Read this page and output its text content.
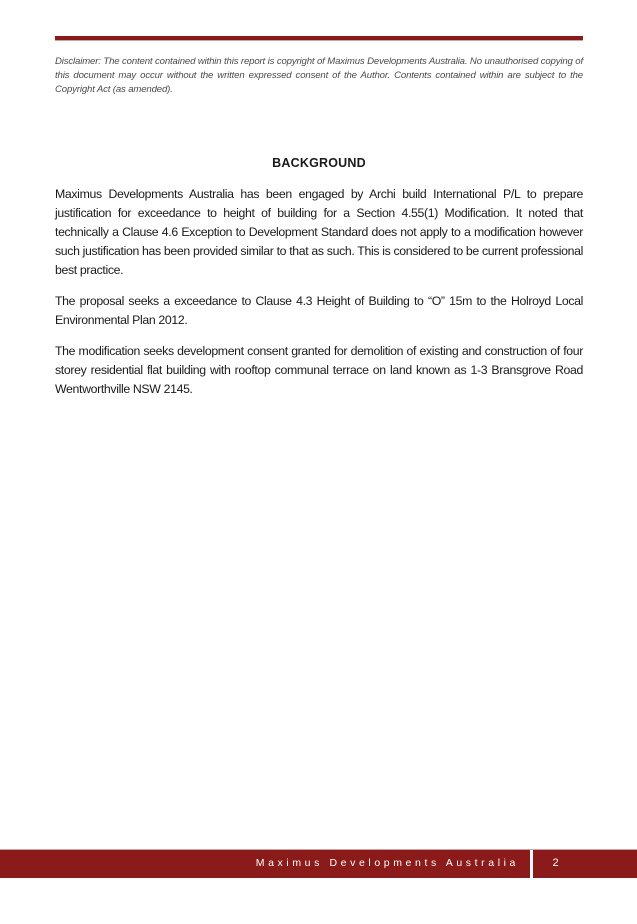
Disclaimer: The content contained within this report is copyright of Maximus Developments Australia. No unauthorised copying of this document may occur without the written expressed consent of the Author. Contents contained within are subject to the Copyright Act (as amended).
BACKGROUND

Maximus Developments Australia has been engaged by Archi build International P/L to prepare justification for exceedance to height of building for a Section 4.55(1) Modification. It noted that technically a Clause 4.6 Exception to Development Standard does not apply to a modification however such justification has been provided similar to that as such. This is considered to be current professional best practice.

The proposal seeks a exceedance to Clause 4.3 Height of Building to “O” 15m to the Holroyd Local Environmental Plan 2012.

The modification seeks development consent granted for demolition of existing and construction of four storey residential flat building with rooftop communal terrace on land known as 1-3 Bransgrove Road Wentworthville NSW 2145.

Maximus Developments Australia	2
